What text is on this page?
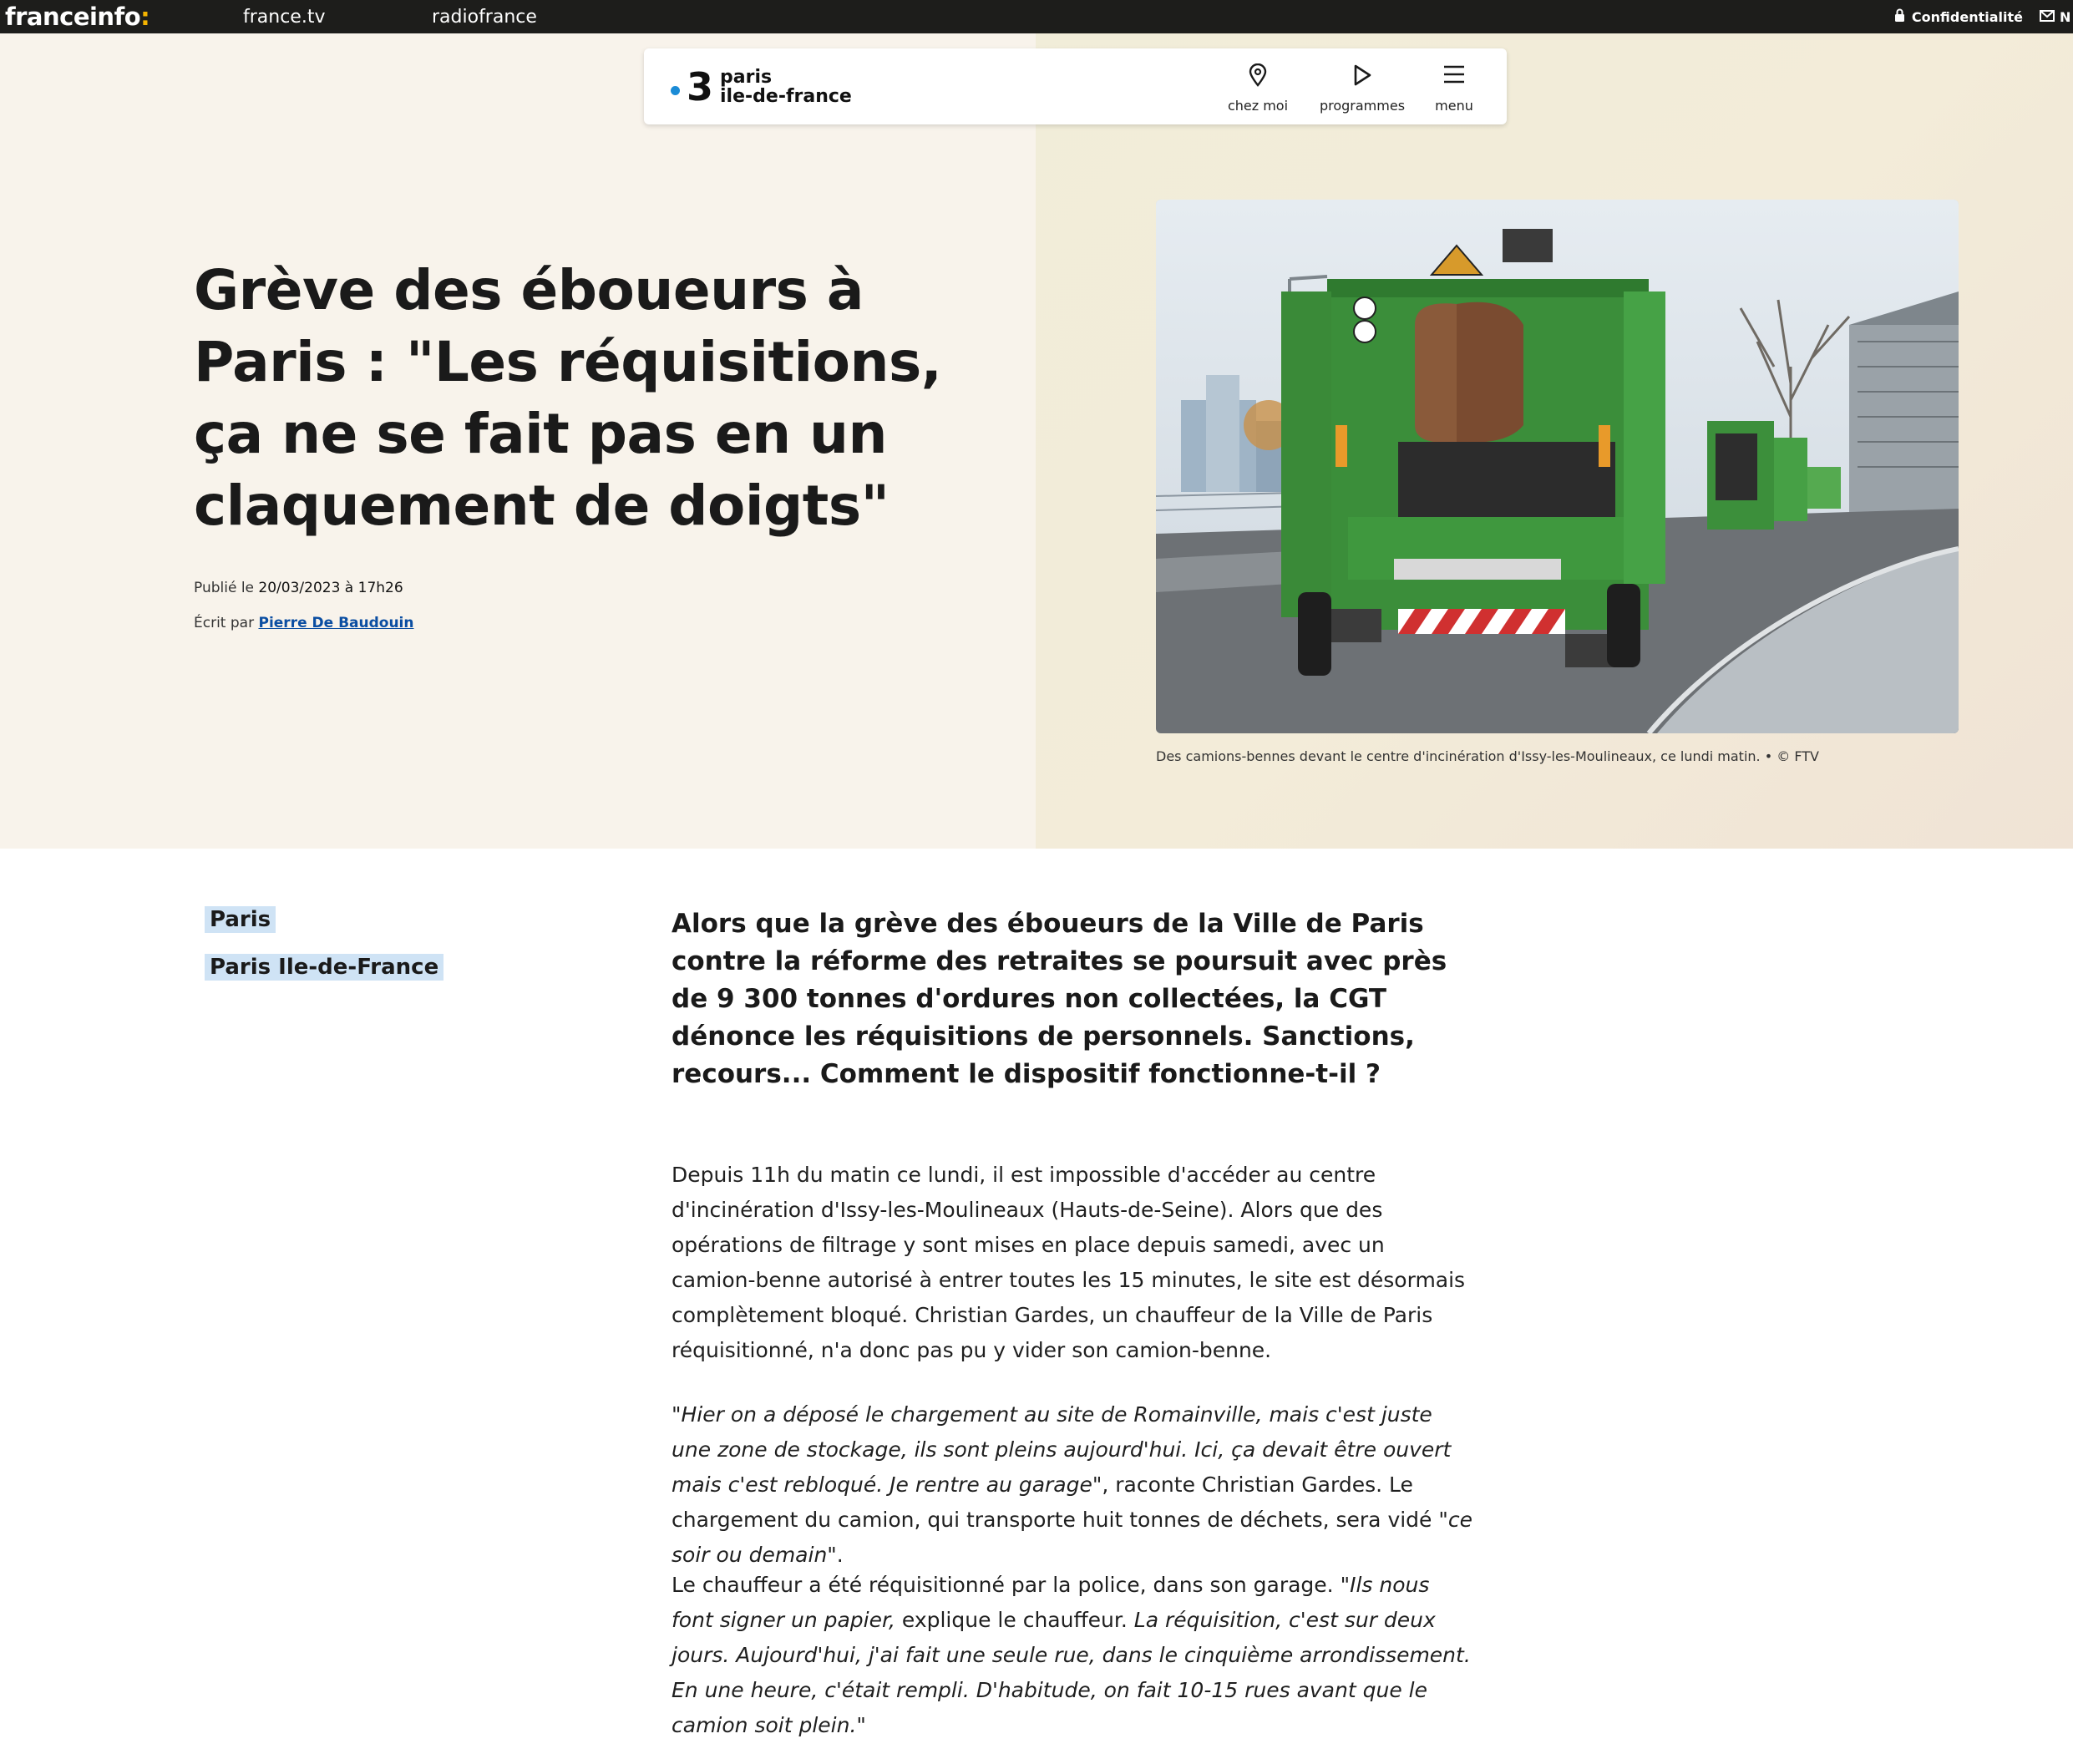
franceinfo :	france.tv	radiofrance	Confidentialité	N
3 paris
ile-de-france	chez moi programmes menu
Grève des éboueurs à Paris : "Les réquisitions, ça ne se fait pas en un claquement de doigts"
Publié le 20/03/2023 à 17h26
Écrit par Pierre De Baudouin
Des camions-bennes devant le centre d'incinération d'Issy-les-Moulineaux, ce lundi matin. • © FTV
Paris
Paris Ile-de-France

Alors que la grève des éboueurs de la Ville de Paris contre la réforme des retraites se poursuit avec près de 9 300 tonnes d'ordures non collectées, la CGT dénonce les réquisitions de personnels. Sanctions, recours... Comment le dispositif fonctionne-t-il ?

Depuis 11h du matin ce lundi, il est impossible d'accéder au centre d'incinération d'Issy-les-Moulineaux (Hauts-de-Seine). Alors que des opérations de filtrage y sont mises en place depuis samedi, avec un camion-benne autorisé à entrer toutes les 15 minutes, le site est désormais complètement bloqué. Christian Gardes, un chauffeur de la Ville de Paris réquisitionné, n'a donc pas pu y vider son camion-benne.

"Hier on a déposé le chargement au site de Romainville, mais c'est juste une zone de stockage, ils sont pleins aujourd'hui. Ici, ça devait être ouvert mais c'est rebloqué. Je rentre au garage", raconte Christian Gardes. Le chargement du camion, qui transporte huit tonnes de déchets, sera vidé "ce soir ou demain".

Le chauffeur a été réquisitionné par la police, dans son garage. "Ils nous font signer un papier, explique le chauffeur. La réquisition, c'est sur deux jours. Aujourd'hui, j'ai fait une seule rue, dans le cinquième arrondissement. En une heure, c'était rempli. D'habitude, on fait 10-15 rues avant que le camion soit plein."
